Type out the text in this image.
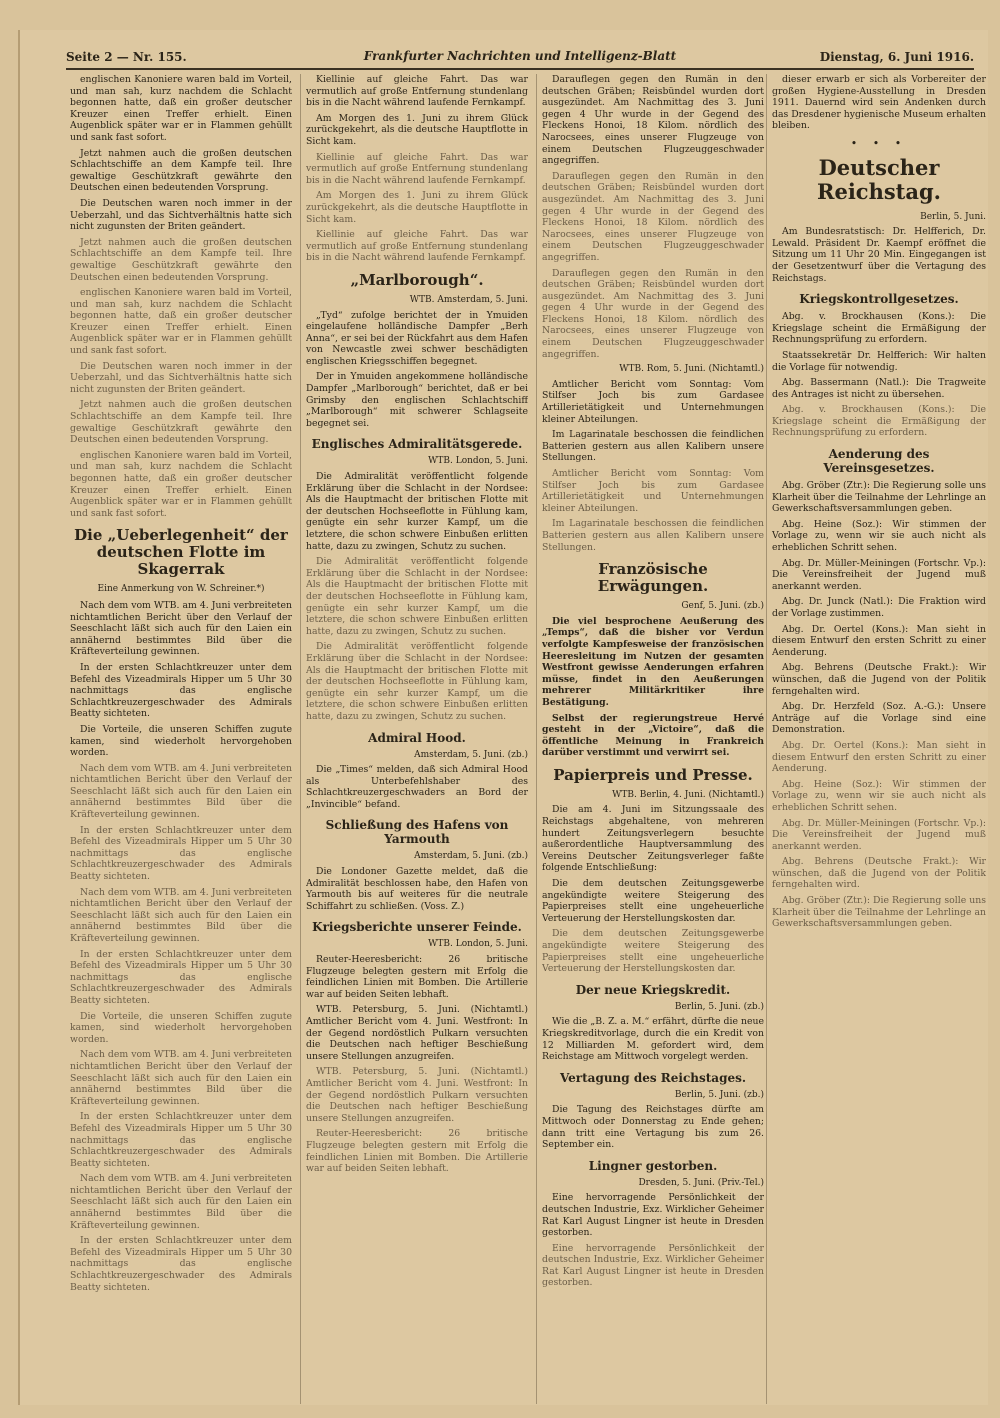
Seite 2 — Nr. 155.	Frankfurter Nachrichten und Intelligenz-Blatt	Dienstag, 6. Juni 1916.

englischen Kanoniere waren bald im Vorteil, und man sah, kurz nachdem die Schlacht begonnen hatte, daß ein großer deutscher Kreuzer einen Treffer erhielt. Einen Augenblick später war er in Flammen gehüllt und sank fast sofort.

Jetzt nahmen auch die großen deutschen Schlachtschiffe an dem Kampfe teil. Ihre gewaltige Geschützkraft gewährte den Deutschen einen bedeutenden Vorsprung.

Die Deutschen waren noch immer in der Ueberzahl, und das Sichtverhältnis hatte sich nicht zugunsten der Briten geändert.

Jetzt nahmen auch die großen deutschen Schlachtschiffe an dem Kampfe teil. Ihre gewaltige Geschützkraft gewährte den Deutschen einen bedeutenden Vorsprung.

englischen Kanoniere waren bald im Vorteil, und man sah, kurz nachdem die Schlacht begonnen hatte, daß ein großer deutscher Kreuzer einen Treffer erhielt. Einen Augenblick später war er in Flammen gehüllt und sank fast sofort.

Die Deutschen waren noch immer in der Ueberzahl, und das Sichtverhältnis hatte sich nicht zugunsten der Briten geändert.

Jetzt nahmen auch die großen deutschen Schlachtschiffe an dem Kampfe teil. Ihre gewaltige Geschützkraft gewährte den Deutschen einen bedeutenden Vorsprung.

englischen Kanoniere waren bald im Vorteil, und man sah, kurz nachdem die Schlacht begonnen hatte, daß ein großer deutscher Kreuzer einen Treffer erhielt. Einen Augenblick später war er in Flammen gehüllt und sank fast sofort.

Die „Ueberlegenheit“ der deutschen Flotte im Skagerrak
Eine Anmerkung von W. Schreiner.*)

Nach dem vom WTB. am 4. Juni verbreiteten nichtamtlichen Bericht über den Verlauf der Seeschlacht läßt sich auch für den Laien ein annähernd bestimmtes Bild über die Kräfteverteilung gewinnen.

In der ersten Schlachtkreuzer unter dem Befehl des Vizeadmirals Hipper um 5 Uhr 30 nachmittags das englische Schlachtkreuzergeschwader des Admirals Beatty sichteten.

Die Vorteile, die unseren Schiffen zugute kamen, sind wiederholt hervorgehoben worden.

Nach dem vom WTB. am 4. Juni verbreiteten nichtamtlichen Bericht über den Verlauf der Seeschlacht läßt sich auch für den Laien ein annähernd bestimmtes Bild über die Kräfteverteilung gewinnen.

In der ersten Schlachtkreuzer unter dem Befehl des Vizeadmirals Hipper um 5 Uhr 30 nachmittags das englische Schlachtkreuzergeschwader des Admirals Beatty sichteten.

Nach dem vom WTB. am 4. Juni verbreiteten nichtamtlichen Bericht über den Verlauf der Seeschlacht läßt sich auch für den Laien ein annähernd bestimmtes Bild über die Kräfteverteilung gewinnen.

In der ersten Schlachtkreuzer unter dem Befehl des Vizeadmirals Hipper um 5 Uhr 30 nachmittags das englische Schlachtkreuzergeschwader des Admirals Beatty sichteten.

Die Vorteile, die unseren Schiffen zugute kamen, sind wiederholt hervorgehoben worden.

Nach dem vom WTB. am 4. Juni verbreiteten nichtamtlichen Bericht über den Verlauf der Seeschlacht läßt sich auch für den Laien ein annähernd bestimmtes Bild über die Kräfteverteilung gewinnen.

In der ersten Schlachtkreuzer unter dem Befehl des Vizeadmirals Hipper um 5 Uhr 30 nachmittags das englische Schlachtkreuzergeschwader des Admirals Beatty sichteten.

Nach dem vom WTB. am 4. Juni verbreiteten nichtamtlichen Bericht über den Verlauf der Seeschlacht läßt sich auch für den Laien ein annähernd bestimmtes Bild über die Kräfteverteilung gewinnen.

In der ersten Schlachtkreuzer unter dem Befehl des Vizeadmirals Hipper um 5 Uhr 30 nachmittags das englische Schlachtkreuzergeschwader des Admirals Beatty sichteten.

Kiellinie auf gleiche Fahrt. Das war vermutlich auf große Entfernung stundenlang bis in die Nacht während laufende Fernkampf.

Am Morgen des 1. Juni zu ihrem Glück zurückgekehrt, als die deutsche Hauptflotte in Sicht kam.

Kiellinie auf gleiche Fahrt. Das war vermutlich auf große Entfernung stundenlang bis in die Nacht während laufende Fernkampf.

Am Morgen des 1. Juni zu ihrem Glück zurückgekehrt, als die deutsche Hauptflotte in Sicht kam.

Kiellinie auf gleiche Fahrt. Das war vermutlich auf große Entfernung stundenlang bis in die Nacht während laufende Fernkampf.

„Marlborough“.
WTB. Amsterdam, 5. Juni.

„Tyd“ zufolge berichtet der in Ymuiden eingelaufene holländische Dampfer „Berh Anna“, er sei bei der Rückfahrt aus dem Hafen von Newcastle zwei schwer beschädigten englischen Kriegsschiffen begegnet.

Der in Ymuiden angekommene holländische Dampfer „Marlborough“ berichtet, daß er bei Grimsby den englischen Schlachtschiff „Marlborough“ mit schwerer Schlagseite begegnet sei.

Englisches Admiralitätsgerede.
WTB. London, 5. Juni.

Die Admiralität veröffentlicht folgende Erklärung über die Schlacht in der Nordsee: Als die Hauptmacht der britischen Flotte mit der deutschen Hochseeflotte in Fühlung kam, genügte ein sehr kurzer Kampf, um die letztere, die schon schwere Einbußen erlitten hatte, dazu zu zwingen, Schutz zu suchen.

Die Admiralität veröffentlicht folgende Erklärung über die Schlacht in der Nordsee: Als die Hauptmacht der britischen Flotte mit der deutschen Hochseeflotte in Fühlung kam, genügte ein sehr kurzer Kampf, um die letztere, die schon schwere Einbußen erlitten hatte, dazu zu zwingen, Schutz zu suchen.

Die Admiralität veröffentlicht folgende Erklärung über die Schlacht in der Nordsee: Als die Hauptmacht der britischen Flotte mit der deutschen Hochseeflotte in Fühlung kam, genügte ein sehr kurzer Kampf, um die letztere, die schon schwere Einbußen erlitten hatte, dazu zu zwingen, Schutz zu suchen.

Admiral Hood.
Amsterdam, 5. Juni. (zb.)

Die „Times“ melden, daß sich Admiral Hood als Unterbefehlshaber des Schlachtkreuzergeschwaders an Bord der „Invincible“ befand.

Schließung des Hafens von Yarmouth
Amsterdam, 5. Juni. (zb.)

Die Londoner Gazette meldet, daß die Admiralität beschlossen habe, den Hafen von Yarmouth bis auf weiteres für die neutrale Schiffahrt zu schließen. (Voss. Z.)

Kriegsberichte unserer Feinde.
WTB. London, 5. Juni.

Reuter-Heeresbericht: 26 britische Flugzeuge belegten gestern mit Erfolg die feindlichen Linien mit Bomben. Die Artillerie war auf beiden Seiten lebhaft.

WTB. Petersburg, 5. Juni. (Nichtamtl.) Amtlicher Bericht vom 4. Juni. Westfront: In der Gegend nordöstlich Pulkarn versuchten die Deutschen nach heftiger Beschießung unsere Stellungen anzugreifen.

WTB. Petersburg, 5. Juni. (Nichtamtl.) Amtlicher Bericht vom 4. Juni. Westfront: In der Gegend nordöstlich Pulkarn versuchten die Deutschen nach heftiger Beschießung unsere Stellungen anzugreifen.

Reuter-Heeresbericht: 26 britische Flugzeuge belegten gestern mit Erfolg die feindlichen Linien mit Bomben. Die Artillerie war auf beiden Seiten lebhaft.

Darauflegen gegen den Rumän in den deutschen Gräben; Reisbündel wurden dort ausgezündet. Am Nachmittag des 3. Juni gegen 4 Uhr wurde in der Gegend des Fleckens Honoi, 18 Kilom. nördlich des Narocsees, eines unserer Flugzeuge von einem Deutschen Flugzeuggeschwader angegriffen.

Darauflegen gegen den Rumän in den deutschen Gräben; Reisbündel wurden dort ausgezündet. Am Nachmittag des 3. Juni gegen 4 Uhr wurde in der Gegend des Fleckens Honoi, 18 Kilom. nördlich des Narocsees, eines unserer Flugzeuge von einem Deutschen Flugzeuggeschwader angegriffen.

Darauflegen gegen den Rumän in den deutschen Gräben; Reisbündel wurden dort ausgezündet. Am Nachmittag des 3. Juni gegen 4 Uhr wurde in der Gegend des Fleckens Honoi, 18 Kilom. nördlich des Narocsees, eines unserer Flugzeuge von einem Deutschen Flugzeuggeschwader angegriffen.

WTB. Rom, 5. Juni. (Nichtamtl.)

Amtlicher Bericht vom Sonntag: Vom Stilfser Joch bis zum Gardasee Artillerietätigkeit und Unternehmungen kleiner Abteilungen.

Im Lagarinatale beschossen die feindlichen Batterien gestern aus allen Kalibern unsere Stellungen.

Amtlicher Bericht vom Sonntag: Vom Stilfser Joch bis zum Gardasee Artillerietätigkeit und Unternehmungen kleiner Abteilungen.

Im Lagarinatale beschossen die feindlichen Batterien gestern aus allen Kalibern unsere Stellungen.

Französische Erwägungen.
Genf, 5. Juni. (zb.)

Die viel besprochene Aeußerung des „Temps“, daß die bisher vor Verdun verfolgte Kampfesweise der französischen Heeresleitung im Nutzen der gesamten Westfront gewisse Aenderungen erfahren müsse, findet in den Aeußerungen mehrerer Militärkritiker ihre Bestätigung.

Selbst der regierungstreue Hervé gesteht in der „Victoire“, daß die öffentliche Meinung in Frankreich darüber verstimmt und verwirrt sei.

Papierpreis und Presse.
WTB. Berlin, 4. Juni. (Nichtamtl.)

Die am 4. Juni im Sitzungssaale des Reichstags abgehaltene, von mehreren hundert Zeitungsverlegern besuchte außerordentliche Hauptversammlung des Vereins Deutscher Zeitungsverleger faßte folgende Entschließung:

Die dem deutschen Zeitungsgewerbe angekündigte weitere Steigerung des Papierpreises stellt eine ungeheuerliche Verteuerung der Herstellungskosten dar.

Die dem deutschen Zeitungsgewerbe angekündigte weitere Steigerung des Papierpreises stellt eine ungeheuerliche Verteuerung der Herstellungskosten dar.

Der neue Kriegskredit.
Berlin, 5. Juni. (zb.)

Wie die „B. Z. a. M.“ erfährt, dürfte die neue Kriegskreditvorlage, durch die ein Kredit von 12 Milliarden M. gefordert wird, dem Reichstage am Mittwoch vorgelegt werden.

Vertagung des Reichstages.
Berlin, 5. Juni. (zb.)

Die Tagung des Reichstages dürfte am Mittwoch oder Donnerstag zu Ende gehen; dann tritt eine Vertagung bis zum 26. September ein.

Lingner gestorben.
Dresden, 5. Juni. (Priv.-Tel.)

Eine hervorragende Persönlichkeit der deutschen Industrie, Exz. Wirklicher Geheimer Rat Karl August Lingner ist heute in Dresden gestorben.

Eine hervorragende Persönlichkeit der deutschen Industrie, Exz. Wirklicher Geheimer Rat Karl August Lingner ist heute in Dresden gestorben.

dieser erwarb er sich als Vorbereiter der großen Hygiene-Ausstellung in Dresden 1911. Dauernd wird sein Andenken durch das Dresdener hygienische Museum erhalten bleiben.

• • •
Deutscher Reichstag.
Berlin, 5. Juni.

Am Bundesratstisch: Dr. Helfferich, Dr. Lewald. Präsident Dr. Kaempf eröffnet die Sitzung um 11 Uhr 20 Min. Eingegangen ist der Gesetzentwurf über die Vertagung des Reichstags.

Kriegskontrollgesetzes.

Abg. v. Brockhausen (Kons.): Die Kriegslage scheint die Ermäßigung der Rechnungsprüfung zu erfordern.

Staatssekretär Dr. Helfferich: Wir halten die Vorlage für notwendig.

Abg. Bassermann (Natl.): Die Tragweite des Antrages ist nicht zu übersehen.

Abg. v. Brockhausen (Kons.): Die Kriegslage scheint die Ermäßigung der Rechnungsprüfung zu erfordern.

Aenderung des Vereinsgesetzes.

Abg. Gröber (Ztr.): Die Regierung solle uns Klarheit über die Teilnahme der Lehrlinge an Gewerkschaftsversammlungen geben.

Abg. Heine (Soz.): Wir stimmen der Vorlage zu, wenn wir sie auch nicht als erheblichen Schritt sehen.

Abg. Dr. Müller-Meiningen (Fortschr. Vp.): Die Vereinsfreiheit der Jugend muß anerkannt werden.

Abg. Dr. Junck (Natl.): Die Fraktion wird der Vorlage zustimmen.

Abg. Dr. Oertel (Kons.): Man sieht in diesem Entwurf den ersten Schritt zu einer Aenderung.

Abg. Behrens (Deutsche Frakt.): Wir wünschen, daß die Jugend von der Politik ferngehalten wird.

Abg. Dr. Herzfeld (Soz. A.-G.): Unsere Anträge auf die Vorlage sind eine Demonstration.

Abg. Dr. Oertel (Kons.): Man sieht in diesem Entwurf den ersten Schritt zu einer Aenderung.

Abg. Heine (Soz.): Wir stimmen der Vorlage zu, wenn wir sie auch nicht als erheblichen Schritt sehen.

Abg. Dr. Müller-Meiningen (Fortschr. Vp.): Die Vereinsfreiheit der Jugend muß anerkannt werden.

Abg. Behrens (Deutsche Frakt.): Wir wünschen, daß die Jugend von der Politik ferngehalten wird.

Abg. Gröber (Ztr.): Die Regierung solle uns Klarheit über die Teilnahme der Lehrlinge an Gewerkschaftsversammlungen geben.
